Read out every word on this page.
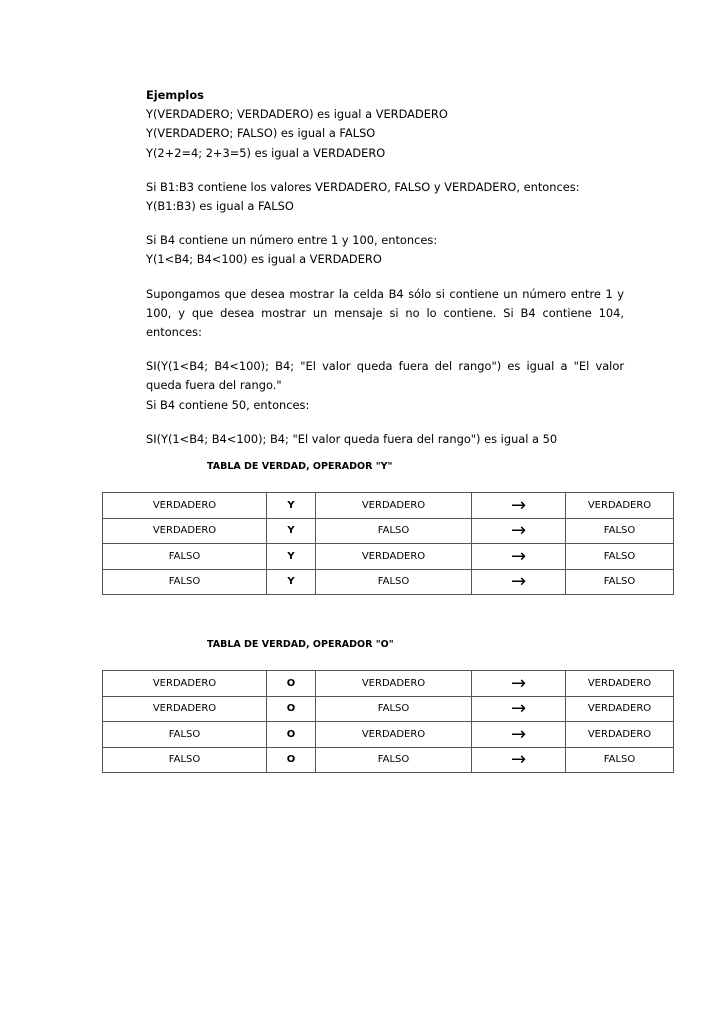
Ejemplos
Y(VERDADERO; VERDADERO) es igual a VERDADERO
Y(VERDADERO; FALSO) es igual a FALSO
Y(2+2=4; 2+3=5) es igual a VERDADERO
Si B1:B3 contiene los valores VERDADERO, FALSO y VERDADERO, entonces:
Y(B1:B3) es igual a FALSO
Si B4 contiene un número entre 1 y 100, entonces:
Y(1<B4; B4<100) es igual a VERDADERO
Supongamos que desea mostrar la celda B4 sólo si contiene un número entre 1 y 100, y que desea mostrar un mensaje si no lo contiene. Si B4 contiene 104, entonces:
SI(Y(1<B4; B4<100); B4; "El valor queda fuera del rango") es igual a "El valor queda fuera del rango."
Si B4 contiene 50, entonces:
SI(Y(1<B4; B4<100); B4; "El valor queda fuera del rango") es igual a 50
TABLA DE VERDAD, OPERADOR "Y"
VERDADERO	Y	VERDADERO	→	VERDADERO
VERDADERO	Y	FALSO	→	FALSO
FALSO	Y	VERDADERO	→	FALSO
FALSO	Y	FALSO	→	FALSO
TABLA DE VERDAD, OPERADOR "O"
VERDADERO	O	VERDADERO	→	VERDADERO
VERDADERO	O	FALSO	→	VERDADERO
FALSO	O	VERDADERO	→	VERDADERO
FALSO	O	FALSO	→	FALSO
